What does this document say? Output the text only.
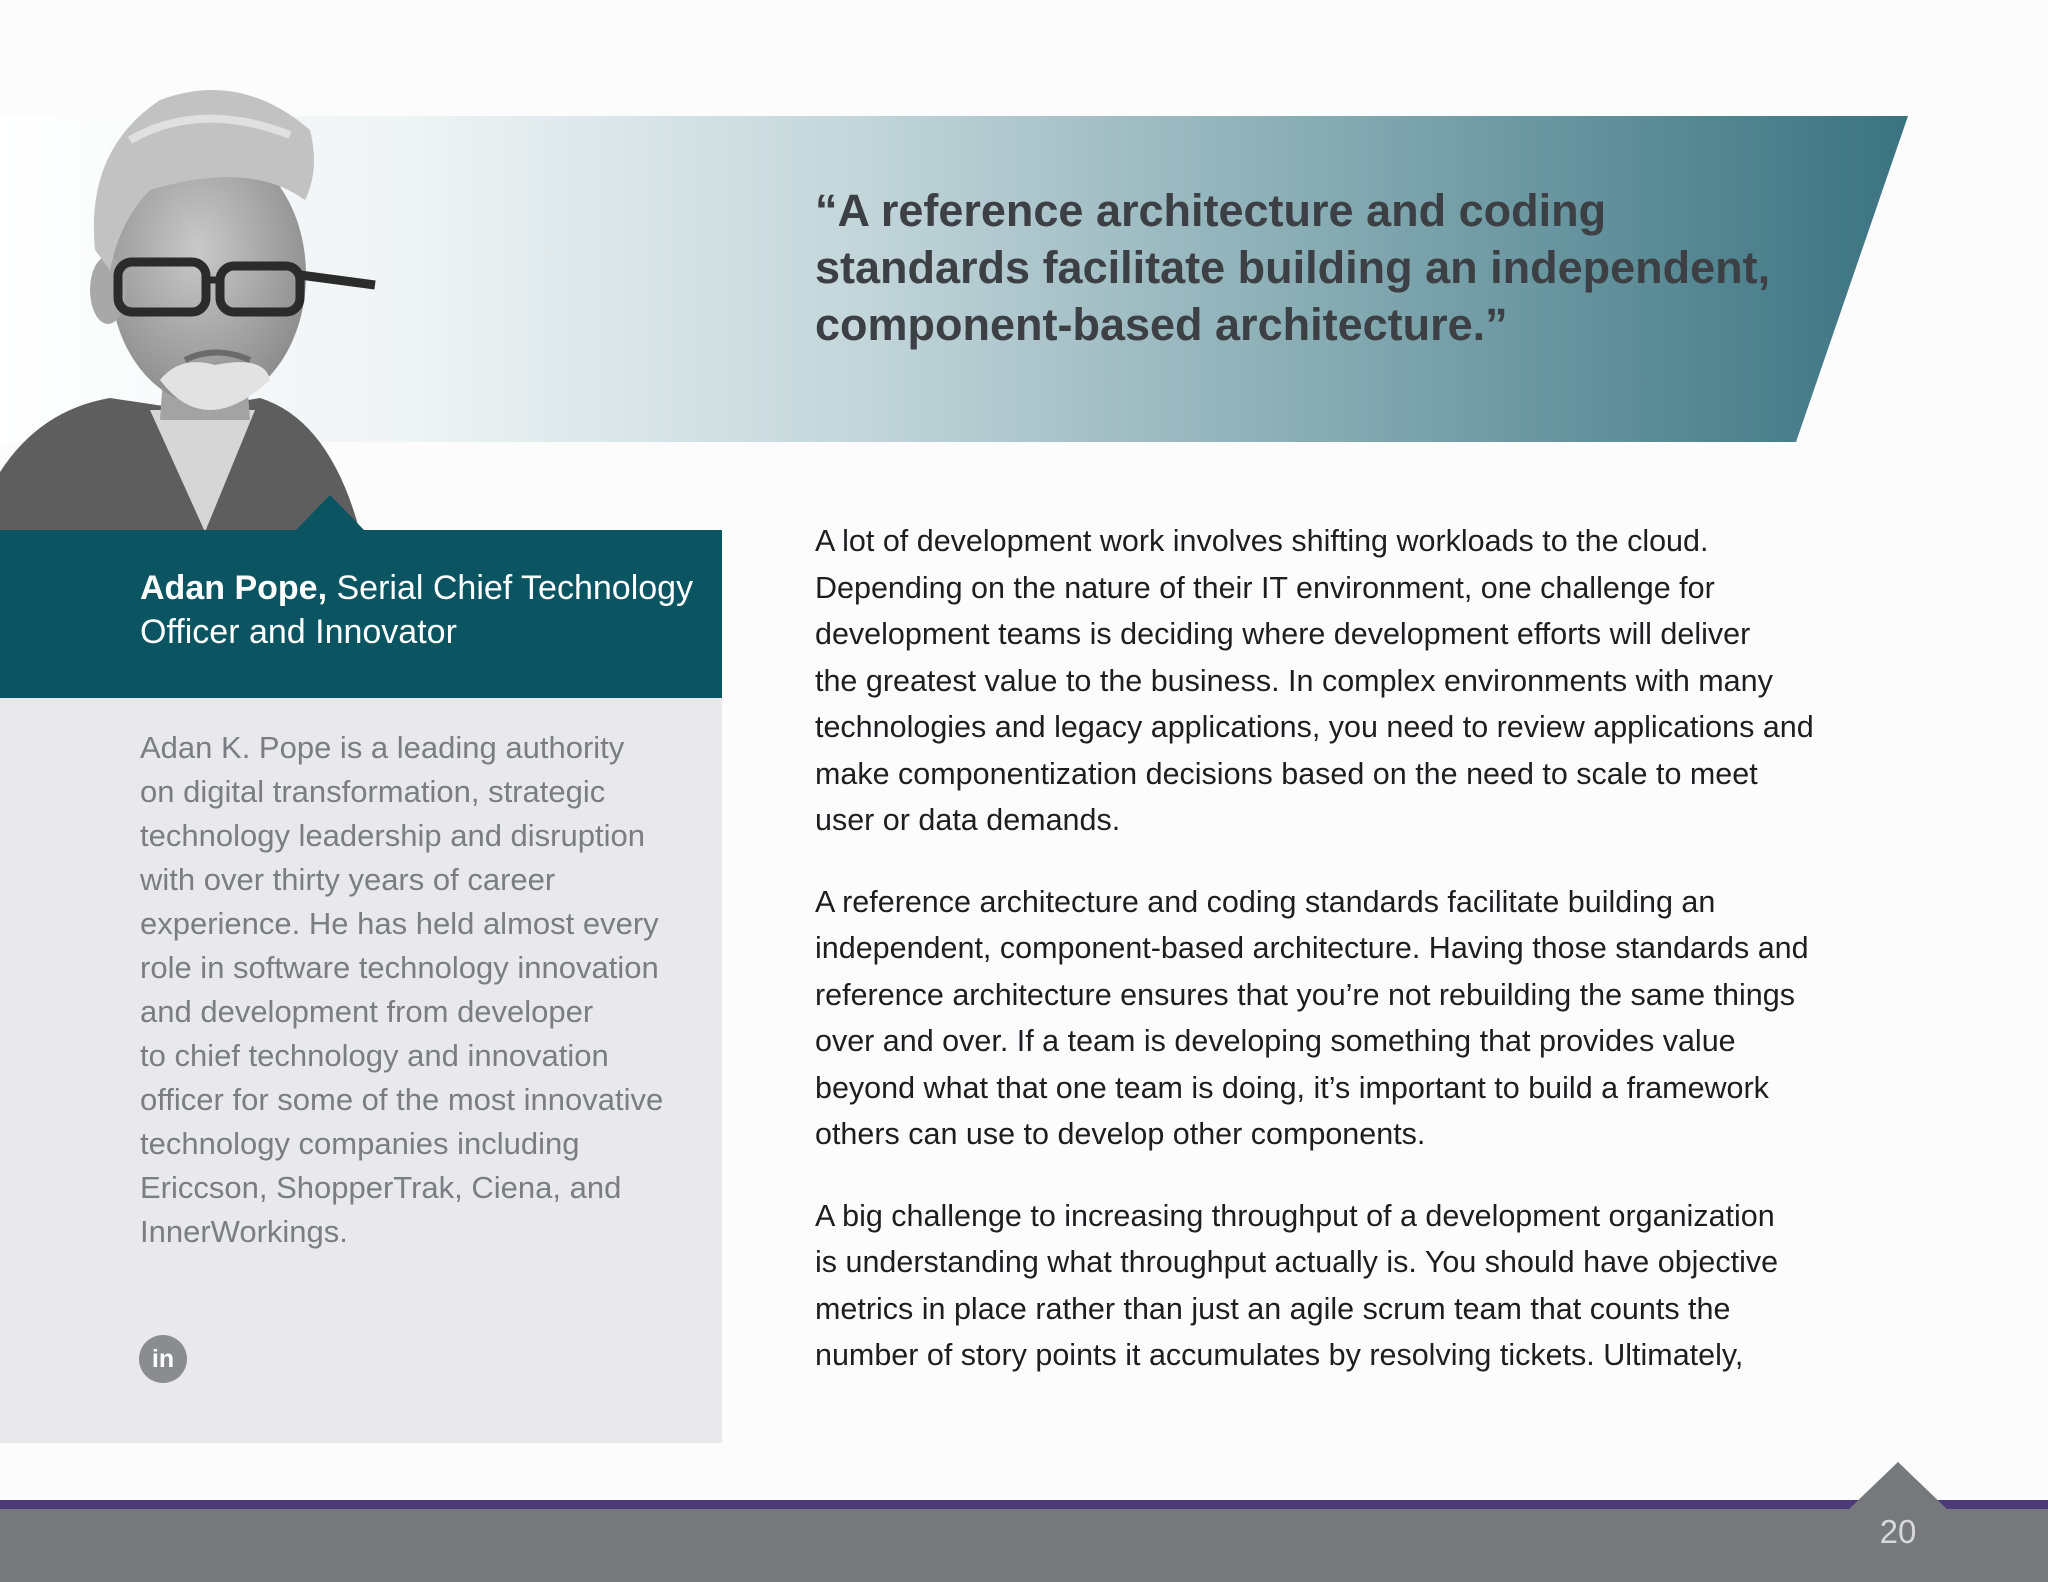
“A reference architecture and coding
standards facilitate building an independent,
component-based architecture.”
Adan Pope, Serial Chief Technology
Officer and Innovator
Adan K. Pope is a leading authority
on digital transformation, strategic
technology leadership and disruption
with over thirty years of career
experience. He has held almost every
role in software technology innovation
and development from developer
to chief technology and innovation
officer for some of the most innovative
technology companies including
Ericcson, ShopperTrak, Ciena, and
InnerWorkings.
in

A lot of development work involves shifting workloads to the cloud.
Depending on the nature of their IT environment, one challenge for
development teams is deciding where development efforts will deliver
the greatest value to the business. In complex environments with many
technologies and legacy applications, you need to review applications and
make componentization decisions based on the need to scale to meet
user or data demands.

A reference architecture and coding standards facilitate building an
independent, component-based architecture. Having those standards and
reference architecture ensures that you’re not rebuilding the same things
over and over. If a team is developing something that provides value
beyond what that one team is doing, it’s important to build a framework
others can use to develop other components.

A big challenge to increasing throughput of a development organization
is understanding what throughput actually is. You should have objective
metrics in place rather than just an agile scrum team that counts the
number of story points it accumulates by resolving tickets. Ultimately,

20
